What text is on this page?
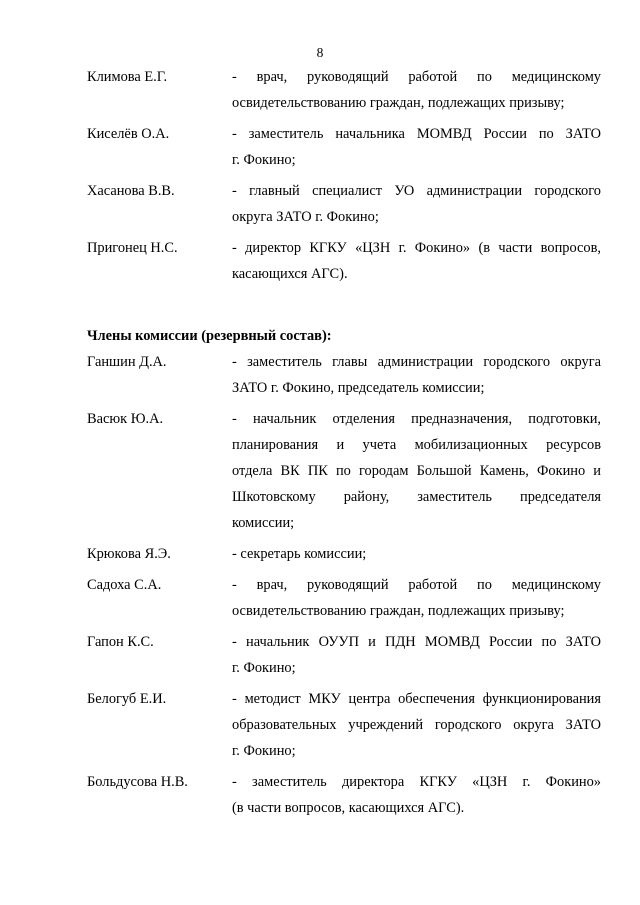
8
Климова Е.Г.	- врач, руководящий работой по медицинскому
освидетельствованию граждан, подлежащих призыву;
Киселёв О.А.	- заместитель начальника МОМВД России по ЗАТО
г. Фокино;
Хасанова В.В.	- главный специалист УО администрации городского
округа ЗАТО г. Фокино;
Пригонец Н.С.	- директор КГКУ «ЦЗН г. Фокино» (в части вопросов,
касающихся АГС).
Члены комиссии (резервный состав):
Ганшин Д.А.	- заместитель главы администрации городского округа
ЗАТО г. Фокино, председатель комиссии;
Васюк Ю.А.	- начальник отделения предназначения, подготовки,
планирования и учета мобилизационных ресурсов
отдела ВК ПК по городам Большой Камень, Фокино и
Шкотовскому району, заместитель председателя
комиссии;
Крюкова Я.Э.	- секретарь комиссии;
Садоха С.А.	- врач, руководящий работой по медицинскому
освидетельствованию граждан, подлежащих призыву;
Гапон К.С.	- начальник ОУУП и ПДН МОМВД России по ЗАТО
г. Фокино;
Белогуб Е.И.	- методист МКУ центра обеспечения функционирования
образовательных учреждений городского округа ЗАТО
г. Фокино;
Больдусова Н.В.	- заместитель директора КГКУ «ЦЗН г. Фокино»
(в части вопросов, касающихся АГС).
